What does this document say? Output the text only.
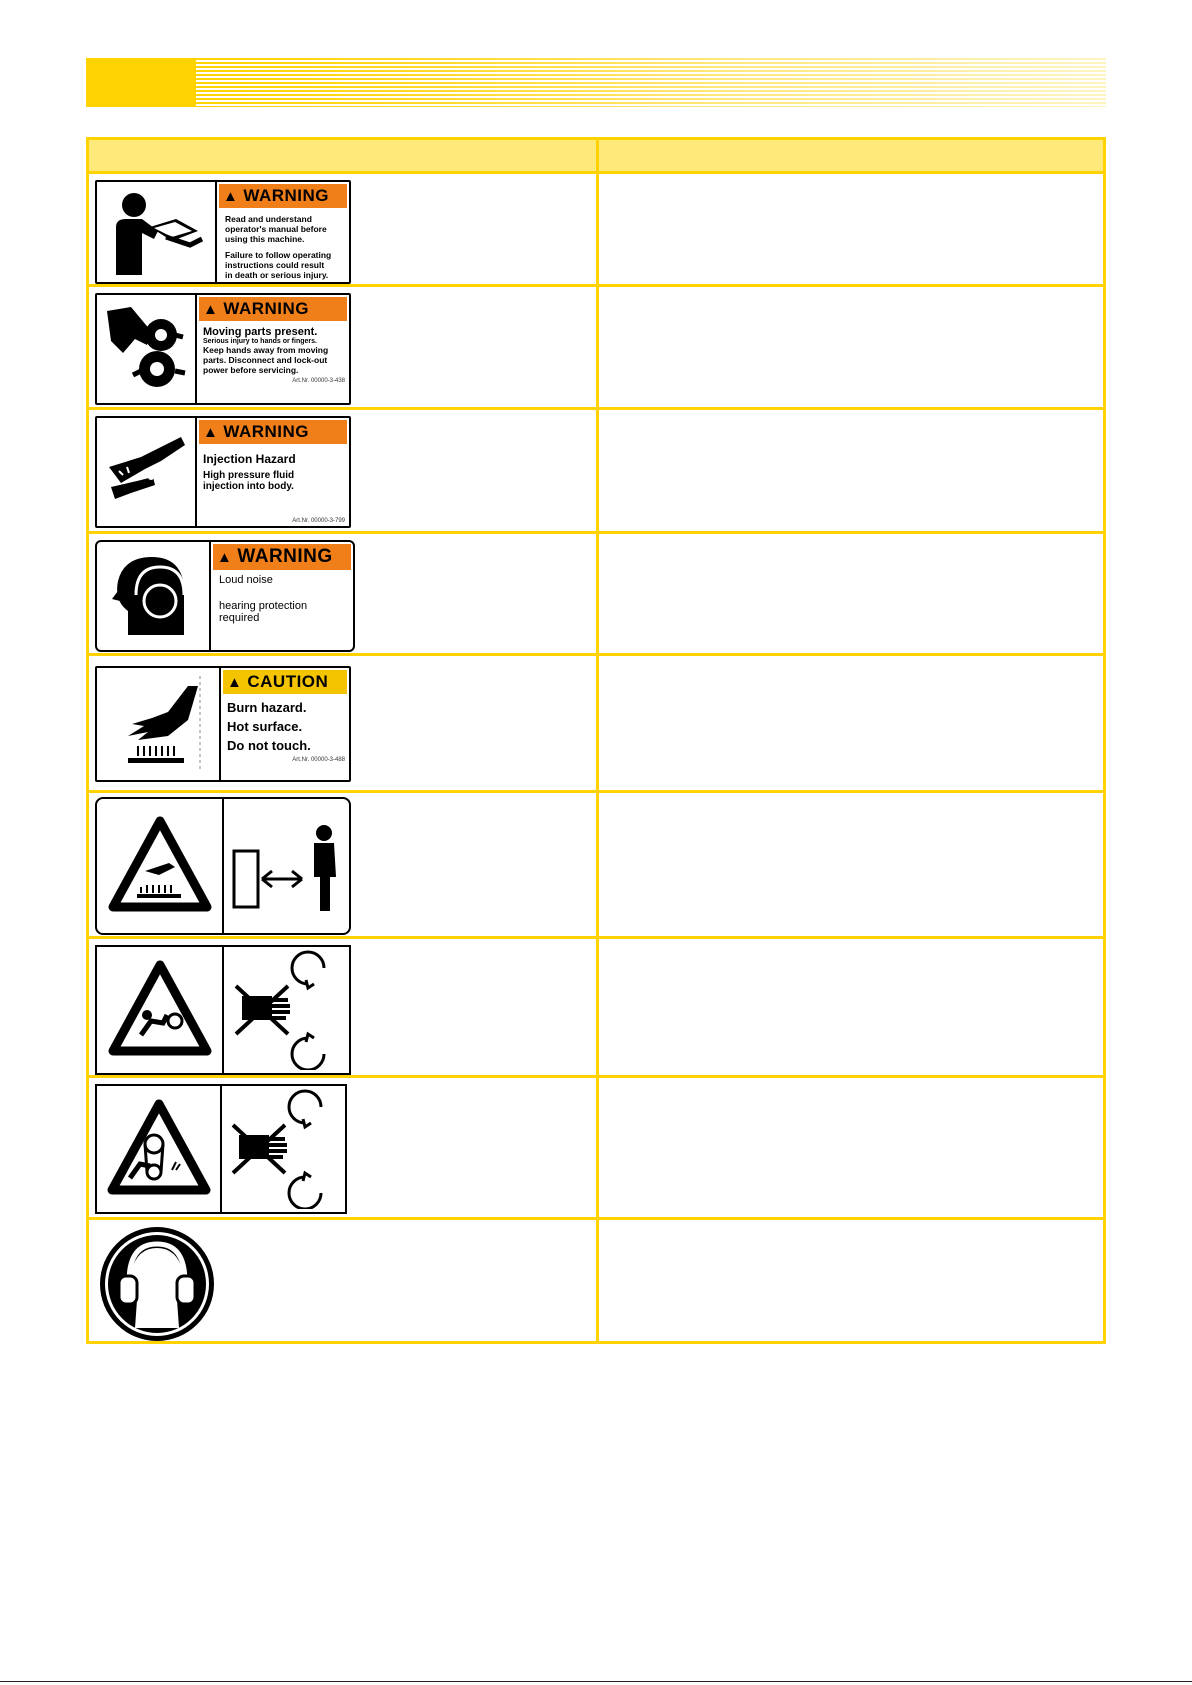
▲ WARNING
Read and understand
operator's manual before
using this machine.
Failure to follow operating
instructions could result
in death or serious injury.
▲ WARNING
Moving parts present.
Serious injury to hands or fingers.
Keep hands away from moving
parts. Disconnect and lock-out
power before servicing.
Art.Nr. 00000-3-438
▲ WARNING
Injection Hazard
High pressure fluid
injection into body.
Art.Nr. 00000-3-799
▲ WARNING
Loud noise
hearing protection
required
▲ CAUTION
Burn hazard.
Hot surface.
Do not touch.
Art.Nr. 00000-3-488
